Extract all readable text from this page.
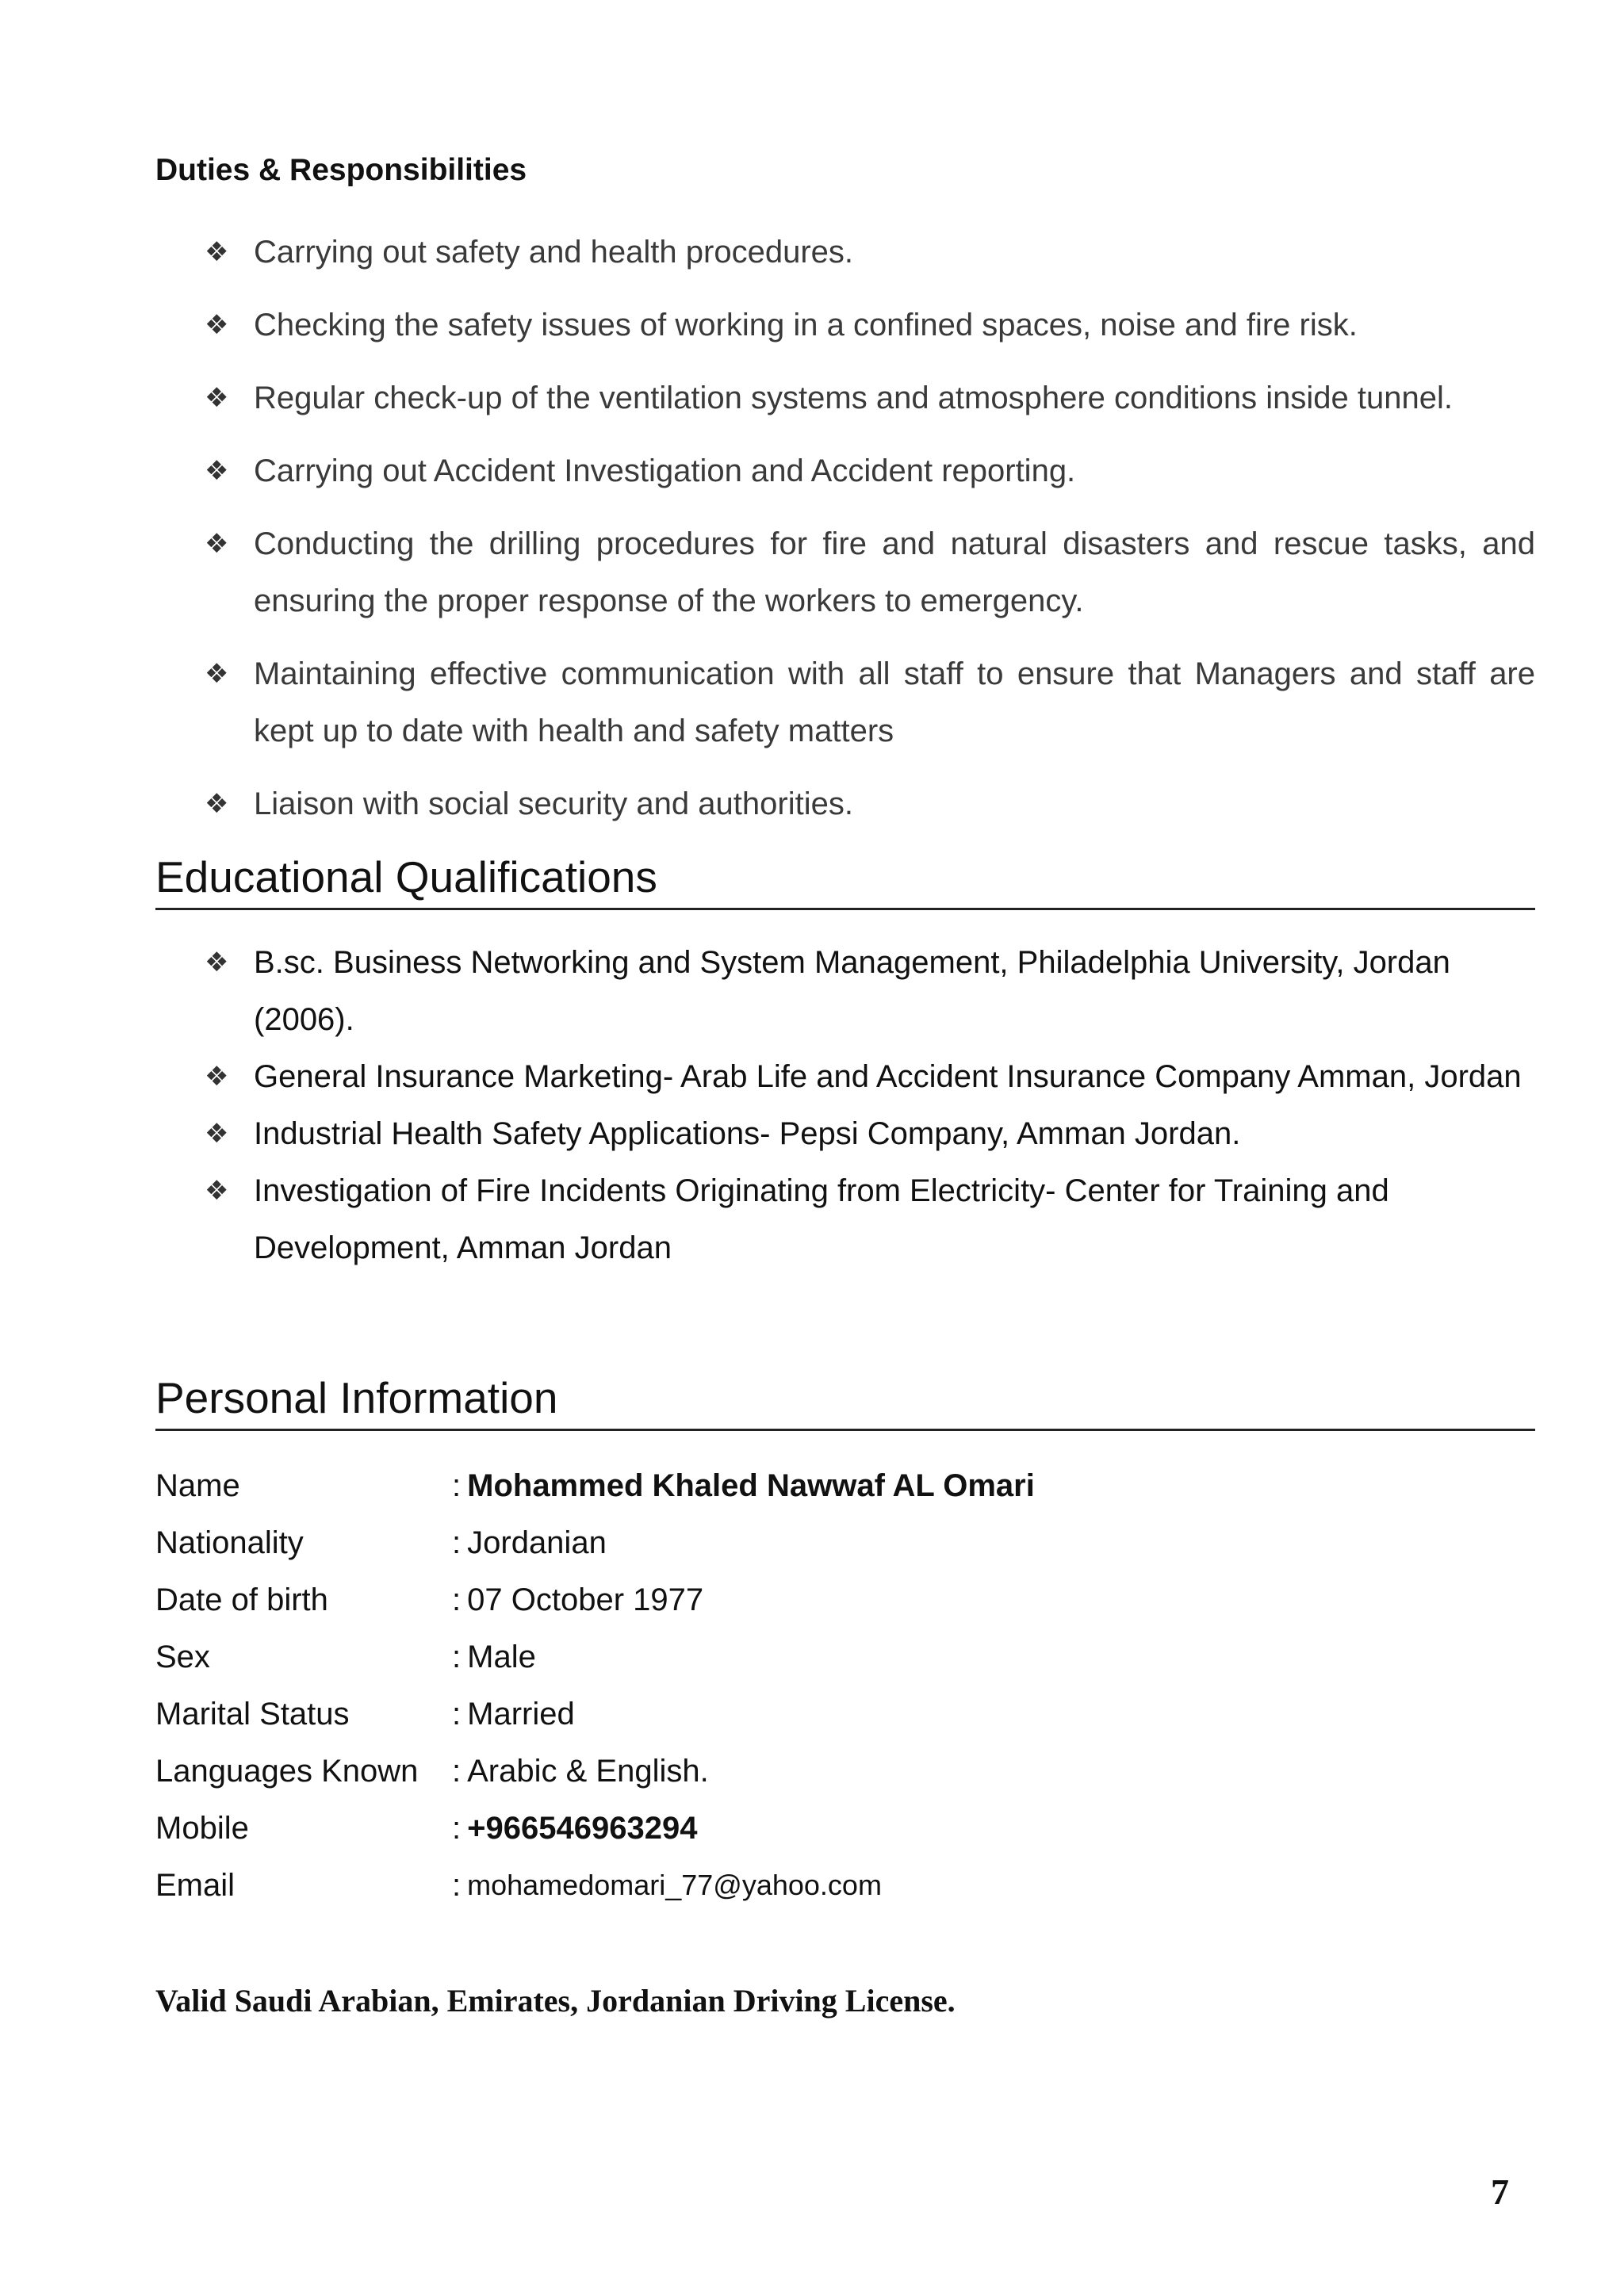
Duties & Responsibilities
❖ Carrying out safety and health procedures.
❖ Checking the safety issues of working in a confined spaces, noise and fire risk.
❖ Regular check-up of the ventilation systems and atmosphere conditions inside tunnel.
❖ Carrying out Accident Investigation and Accident reporting.
❖ Conducting the drilling procedures for fire and natural disasters and rescue tasks, and ensuring the proper response of the workers to emergency.
❖ Maintaining effective communication with all staff to ensure that Managers and staff are kept up to date with health and safety matters
❖ Liaison with social security and authorities.
Educational Qualifications
❖ B.sc. Business Networking and System Management, Philadelphia University, Jordan (2006).
❖ General Insurance Marketing- Arab Life and Accident Insurance Company Amman, Jordan
❖ Industrial Health Safety Applications- Pepsi Company, Amman Jordan.
❖ Investigation of Fire Incidents Originating from Electricity- Center for Training and Development, Amman Jordan
Personal Information
Name	: Mohammed Khaled Nawwaf AL Omari
Nationality	: Jordanian
Date of birth	: 07 October 1977
Sex	: Male
Marital Status	: Married
Languages Known	: Arabic & English.
Mobile	: +966546963294
Email	: mohamedomari_77@yahoo.com

Valid Saudi Arabian, Emirates, Jordanian Driving License.

7
